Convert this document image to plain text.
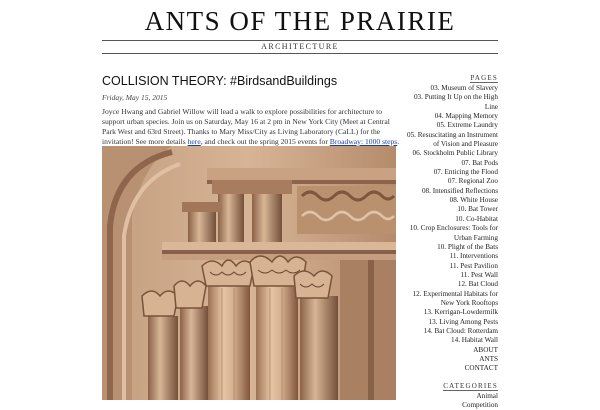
ANTS OF THE PRAIRIE
ARCHITECTURE
COLLISION THEORY: #BirdsandBuildings
Friday, May 15, 2015
Joyce Hwang and Gabriel Willow will lead a walk to explore possibilities for architecture to support urban species. Join us on Saturday, May 16 at 2 pm in New York City (Meet at Central Park West and 63rd Street). Thanks to Mary Miss/City as Living Laboratory (CaLL) for the invitation! See more details here, and check out the spring 2015 events for Broadway: 1000 steps.
PAGES
03. Museum of Slavery
03. Putting It Up on the High Line
04. Mapping Memory
05. Extreme Laundry
05. Resuscitating an Instrument of Vision and Pleasure
06. Stockholm Public Library
07. Bat Pods
07. Enticing the Flood
07. Regional Zoo
08. Intensified Reflections
08. White House
10. Bat Tower
10. Co-Habitat
10. Crop Enclosures: Tools for Urban Farming
10. Plight of the Bats
11. Interventions
11. Pest Pavilion
11. Pest Wall
12. Bat Cloud
12. Experimental Habitats for New York Rooftops
13. Kerrigan-Lowdermilk
13. Living Among Pests
14. Bat Cloud: Rotterdam
14. Habitat Wall
ABOUT
ANTS
CONTACT
CATEGORIES
Animal
Competition
